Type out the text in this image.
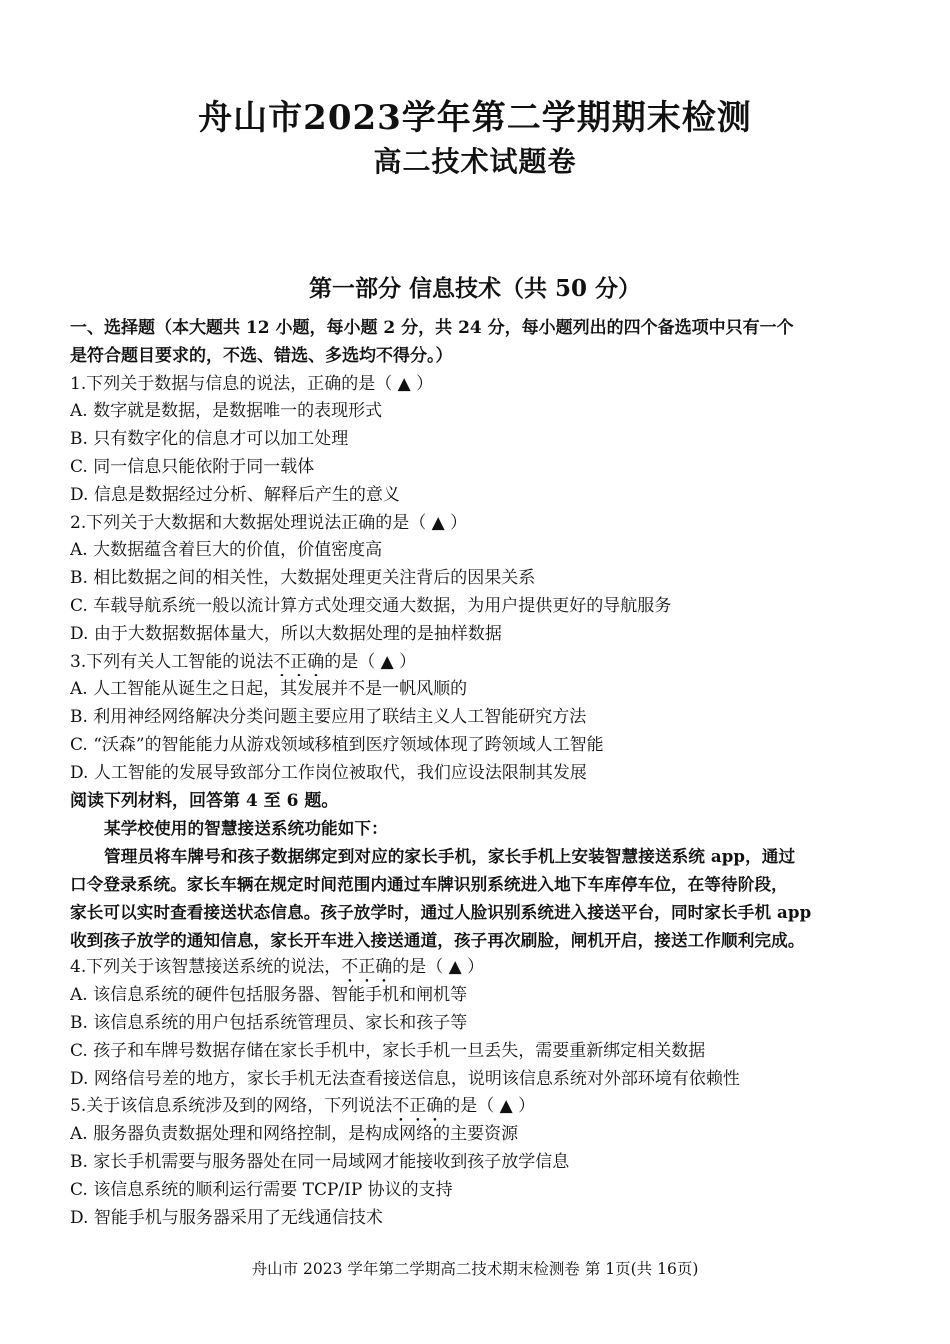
舟山市2023学年第二学期期末检测
高二技术试题卷
第一部分 信息技术（共 50 分）
一、选择题（本大题共 12 小题，每小题 2 分，共 24 分，每小题列出的四个备选项中只有一个
是符合题目要求的，不选、错选、多选均不得分。）
1.下列关于数据与信息的说法，正确的是（ ▲ ）
A. 数字就是数据，是数据唯一的表现形式
B. 只有数字化的信息才可以加工处理
C. 同一信息只能依附于同一载体
D. 信息是数据经过分析、解释后产生的意义
2.下列关于大数据和大数据处理说法正确的是（ ▲ ）
A. 大数据蕴含着巨大的价值，价值密度高
B. 相比数据之间的相关性，大数据处理更关注背后的因果关系
C. 车载导航系统一般以流计算方式处理交通大数据，为用户提供更好的导航服务
D. 由于大数据数据体量大，所以大数据处理的是抽样数据
3.下列有关人工智能的说法不正确的是（ ▲ ）
A. 人工智能从诞生之日起，其发展并不是一帆风顺的
B. 利用神经网络解决分类问题主要应用了联结主义人工智能研究方法
C. “沃森”的智能能力从游戏领域移植到医疗领域体现了跨领域人工智能
D. 人工智能的发展导致部分工作岗位被取代，我们应设法限制其发展
阅读下列材料，回答第 4 至 6 题。
某学校使用的智慧接送系统功能如下：
管理员将车牌号和孩子数据绑定到对应的家长手机，家长手机上安装智慧接送系统 app，通过
口令登录系统。家长车辆在规定时间范围内通过车牌识别系统进入地下车库停车位，在等待阶段，
家长可以实时查看接送状态信息。孩子放学时，通过人脸识别系统进入接送平台，同时家长手机 app
收到孩子放学的通知信息，家长开车进入接送通道，孩子再次刷脸，闸机开启，接送工作顺利完成。
4.下列关于该智慧接送系统的说法，不正确的是（ ▲ ）
A. 该信息系统的硬件包括服务器、智能手机和闸机等
B. 该信息系统的用户包括系统管理员、家长和孩子等
C. 孩子和车牌号数据存储在家长手机中，家长手机一旦丢失，需要重新绑定相关数据
D. 网络信号差的地方，家长手机无法查看接送信息，说明该信息系统对外部环境有依赖性
5.关于该信息系统涉及到的网络，下列说法不正确的是（ ▲ ）
A. 服务器负责数据处理和网络控制，是构成网络的主要资源
B. 家长手机需要与服务器处在同一局域网才能接收到孩子放学信息
C. 该信息系统的顺利运行需要 TCP/IP 协议的支持
D. 智能手机与服务器采用了无线通信技术
舟山市 2023 学年第二学期高二技术期末检测卷 第 1页(共 16页)
